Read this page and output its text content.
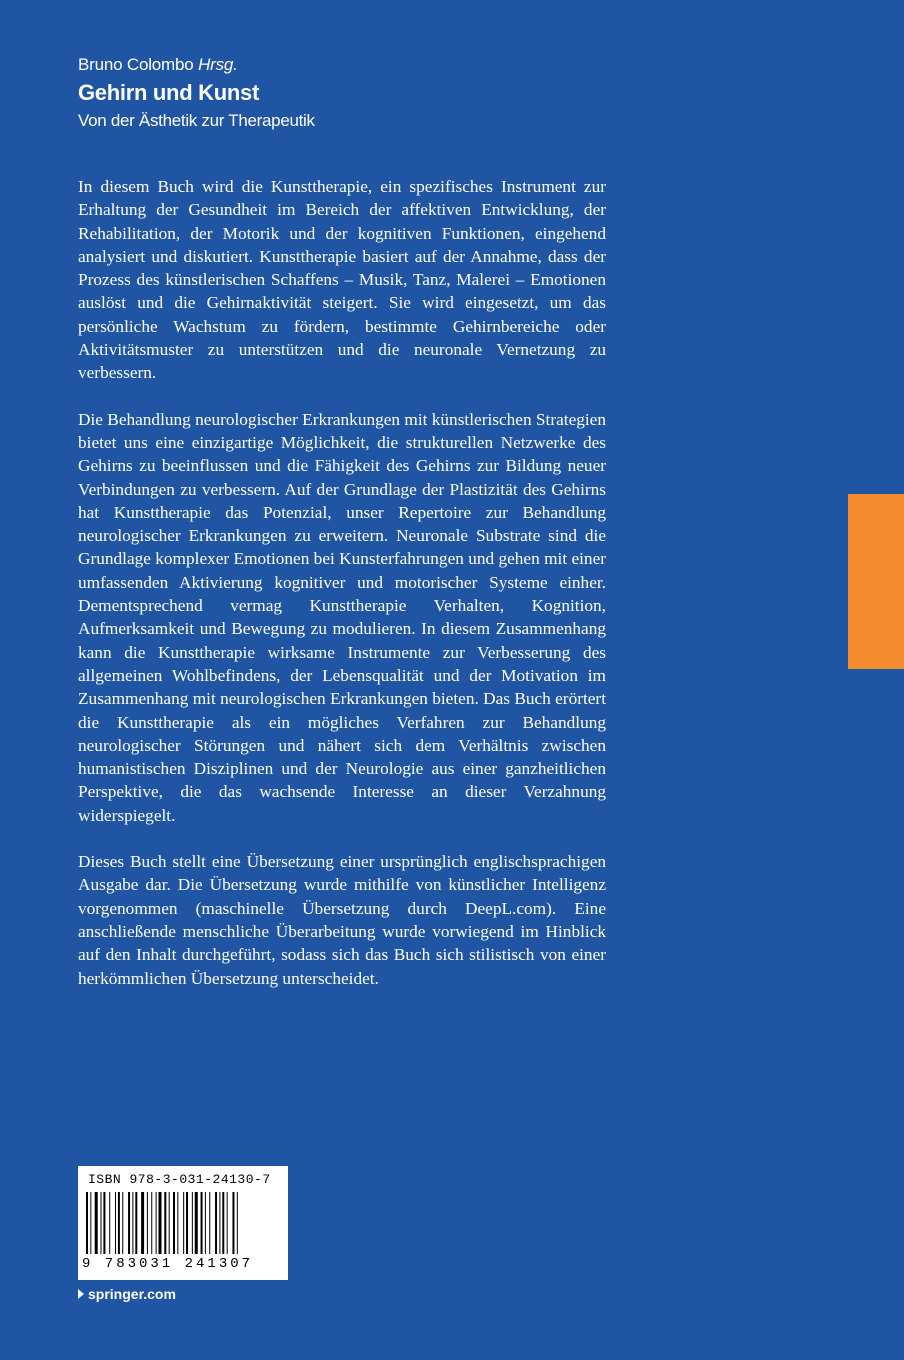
Bruno Colombo Hrsg.
Gehirn und Kunst
Von der Ästhetik zur Therapeutik

In diesem Buch wird die Kunsttherapie, ein spezifisches Instrument zur Erhaltung der Gesundheit im Bereich der affektiven Entwicklung, der Rehabilitation, der Motorik und der kognitiven Funktionen, eingehend analysiert und diskutiert. Kunsttherapie basiert auf der Annahme, dass der Prozess des künstlerischen Schaffens – Musik, Tanz, Malerei – Emotionen auslöst und die Gehirnaktivität steigert. Sie wird eingesetzt, um das persönliche Wachstum zu fördern, bestimmte Gehirnbereiche oder Aktivitätsmuster zu unterstützen und die neuronale Vernetzung zu verbessern.

Die Behandlung neurologischer Erkrankungen mit künstlerischen Strategien bietet uns eine einzigartige Möglichkeit, die strukturellen Netzwerke des Gehirns zu beeinflussen und die Fähigkeit des Gehirns zur Bildung neuer Verbindungen zu verbessern. Auf der Grundlage der Plastizität des Gehirns hat Kunsttherapie das Potenzial, unser Repertoire zur Behandlung neurologischer Erkrankungen zu erweitern. Neuronale Substrate sind die Grundlage komplexer Emotionen bei Kunsterfahrungen und gehen mit einer umfassenden Aktivierung kognitiver und motorischer Systeme einher. Dementsprechend vermag Kunsttherapie Verhalten, Kognition, Aufmerksamkeit und Bewegung zu modulieren. In diesem Zusammenhang kann die Kunsttherapie wirksame Instrumente zur Verbesserung des allgemeinen Wohlbefindens, der Lebensqualität und der Motivation im Zusammenhang mit neurologischen Erkrankungen bieten. Das Buch erörtert die Kunsttherapie als ein mögliches Verfahren zur Behandlung neurologischer Störungen und nähert sich dem Verhältnis zwischen humanistischen Disziplinen und der Neurologie aus einer ganzheitlichen Perspektive, die das wachsende Interesse an dieser Verzahnung widerspiegelt.

Dieses Buch stellt eine Übersetzung einer ursprünglich englischsprachigen Ausgabe dar. Die Übersetzung wurde mithilfe von künstlicher Intelligenz vorgenommen (maschinelle Übersetzung durch DeepL.com). Eine anschließende menschliche Überarbeitung wurde vorwiegend im Hinblick auf den Inhalt durchgeführt, sodass sich das Buch sich stilistisch von einer herkömmlichen Übersetzung unterscheidet.

ISBN 978-3-031-24130-7
9 783031 241307
springer.com
